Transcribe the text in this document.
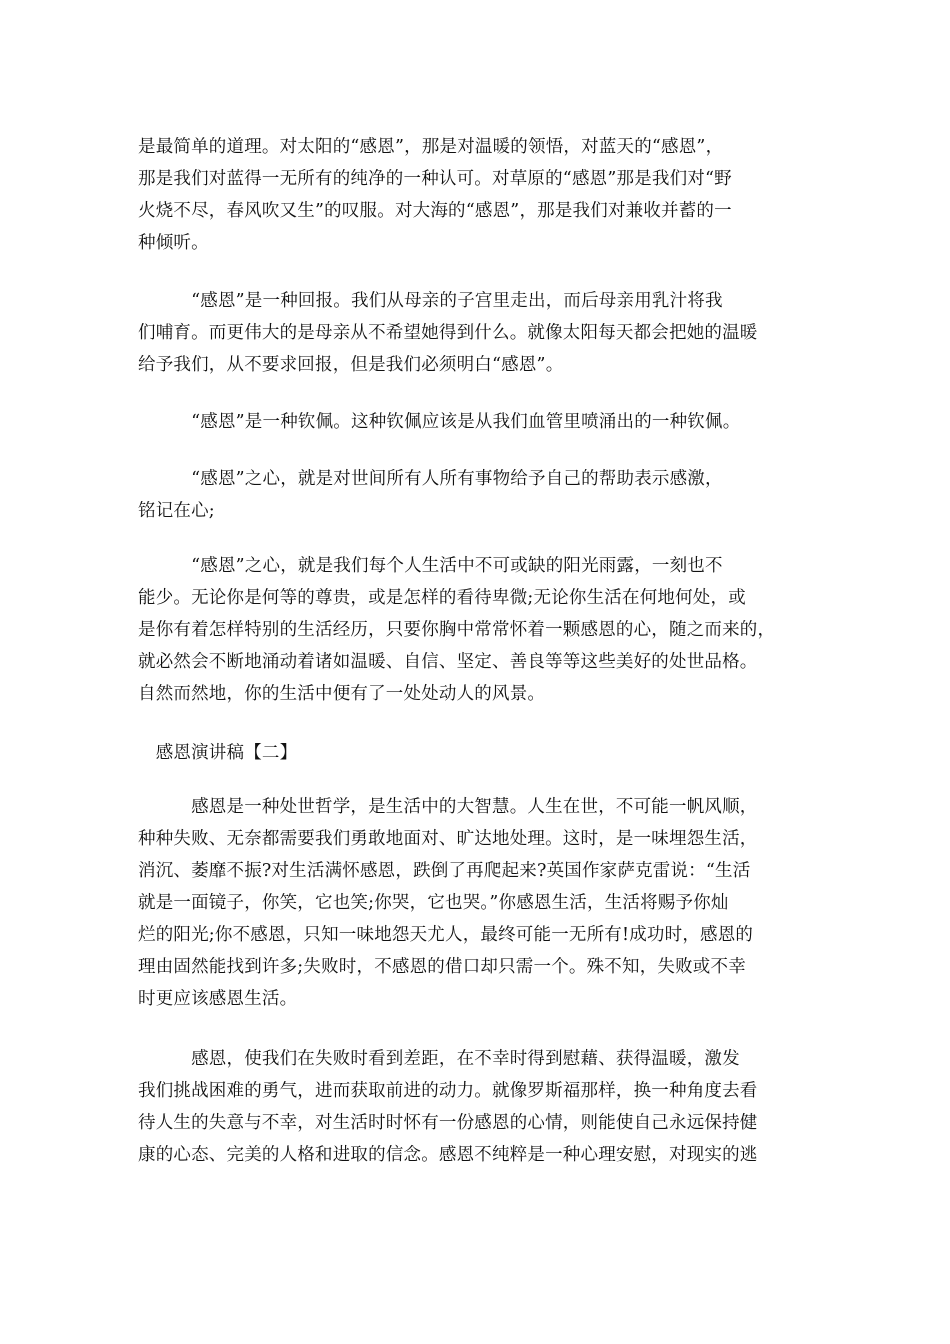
是最简单的道理。对太阳的“感恩”，那是对温暖的领悟，对蓝天的“感恩”，
那是我们对蓝得一无所有的纯净的一种认可。对草原的“感恩”那是我们对“野
火烧不尽，春风吹又生”的叹服。对大海的“感恩”，那是我们对兼收并蓄的一
种倾听。
　　　“感恩”是一种回报。我们从母亲的子宫里走出，而后母亲用乳汁将我
们哺育。而更伟大的是母亲从不希望她得到什么。就像太阳每天都会把她的温暖
给予我们，从不要求回报，但是我们必须明白“感恩”。
　　　“感恩”是一种钦佩。这种钦佩应该是从我们血管里喷涌出的一种钦佩。
　　　“感恩”之心，就是对世间所有人所有事物给予自己的帮助表示感激，
铭记在心;
　　　“感恩”之心，就是我们每个人生活中不可或缺的阳光雨露，一刻也不
能少。无论你是何等的尊贵，或是怎样的看待卑微;无论你生活在何地何处，或
是你有着怎样特别的生活经历，只要你胸中常常怀着一颗感恩的心，随之而来的，
就必然会不断地涌动着诸如温暖、自信、坚定、善良等等这些美好的处世品格。
自然而然地，你的生活中便有了一处处动人的风景。
　感恩演讲稿【二】
　　　感恩是一种处世哲学，是生活中的大智慧。人生在世，不可能一帆风顺，
种种失败、无奈都需要我们勇敢地面对、旷达地处理。这时，是一味埋怨生活，
消沉、萎靡不振?对生活满怀感恩，跌倒了再爬起来?英国作家萨克雷说：“生活
就是一面镜子，你笑，它也笑;你哭，它也哭。”你感恩生活，生活将赐予你灿
烂的阳光;你不感恩，只知一味地怨天尤人，最终可能一无所有!成功时，感恩的
理由固然能找到许多;失败时，不感恩的借口却只需一个。殊不知，失败或不幸
时更应该感恩生活。
　　　感恩，使我们在失败时看到差距，在不幸时得到慰藉、获得温暖，激发
我们挑战困难的勇气，进而获取前进的动力。就像罗斯福那样，换一种角度去看
待人生的失意与不幸，对生活时时怀有一份感恩的心情，则能使自己永远保持健
康的心态、完美的人格和进取的信念。感恩不纯粹是一种心理安慰，对现实的逃
